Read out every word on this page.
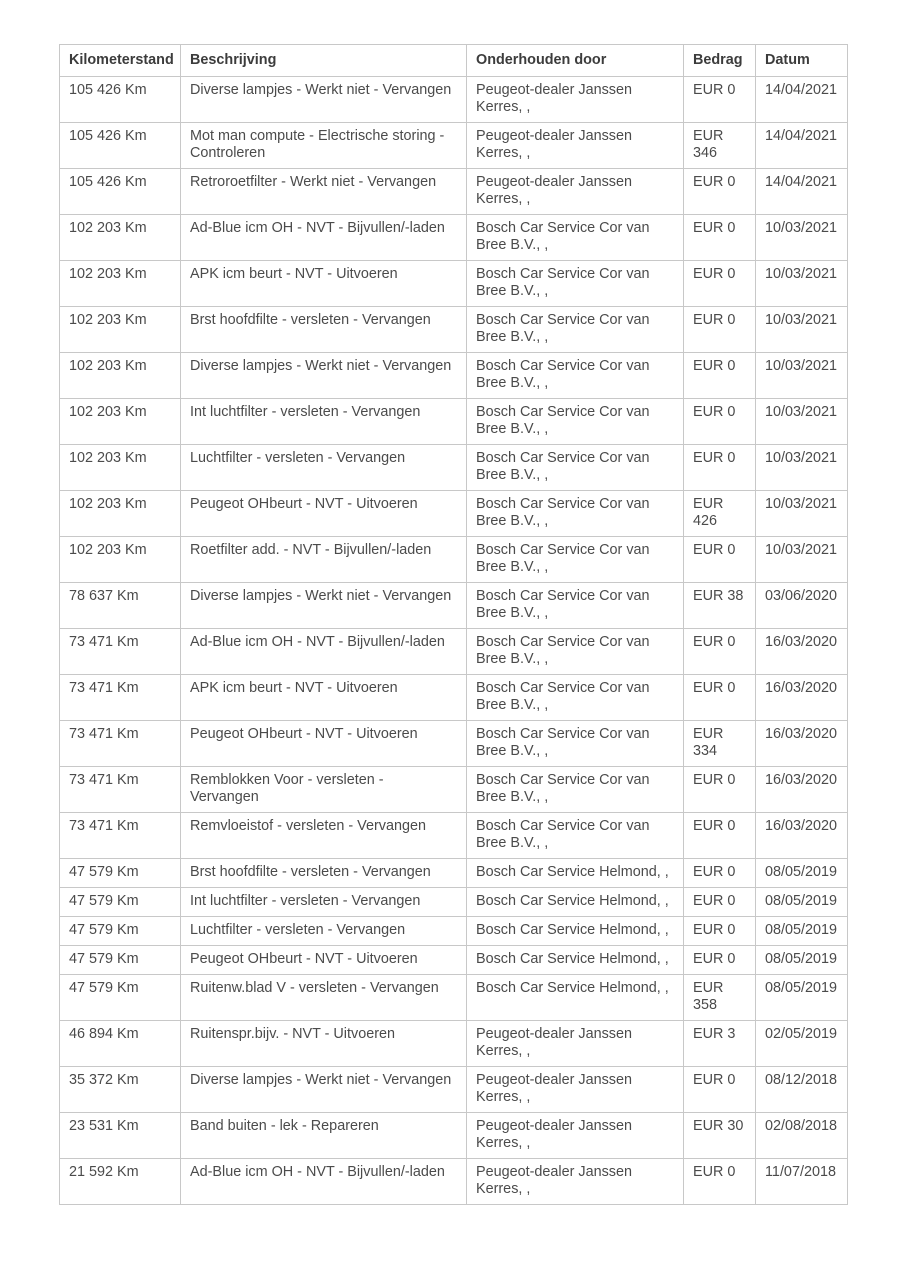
Kilometerstand	Beschrijving	Onderhouden door	Bedrag	Datum
105 426 Km	Diverse lampjes - Werkt niet - Vervangen	Peugeot-dealer Janssen Kerres, ,	EUR 0	14/04/2021
105 426 Km	Mot man compute - Electrische storing - Controleren	Peugeot-dealer Janssen Kerres, ,	EUR 346	14/04/2021
105 426 Km	Retroroetfilter - Werkt niet - Vervangen	Peugeot-dealer Janssen Kerres, ,	EUR 0	14/04/2021
102 203 Km	Ad-Blue icm OH - NVT - Bijvullen/-laden	Bosch Car Service Cor van Bree B.V., ,	EUR 0	10/03/2021
102 203 Km	APK icm beurt - NVT - Uitvoeren	Bosch Car Service Cor van Bree B.V., ,	EUR 0	10/03/2021
102 203 Km	Brst hoofdfilte - versleten - Vervangen	Bosch Car Service Cor van Bree B.V., ,	EUR 0	10/03/2021
102 203 Km	Diverse lampjes - Werkt niet - Vervangen	Bosch Car Service Cor van Bree B.V., ,	EUR 0	10/03/2021
102 203 Km	Int luchtfilter - versleten - Vervangen	Bosch Car Service Cor van Bree B.V., ,	EUR 0	10/03/2021
102 203 Km	Luchtfilter - versleten - Vervangen	Bosch Car Service Cor van Bree B.V., ,	EUR 0	10/03/2021
102 203 Km	Peugeot OHbeurt - NVT - Uitvoeren	Bosch Car Service Cor van Bree B.V., ,	EUR 426	10/03/2021
102 203 Km	Roetfilter add. - NVT - Bijvullen/-laden	Bosch Car Service Cor van Bree B.V., ,	EUR 0	10/03/2021
78 637 Km	Diverse lampjes - Werkt niet - Vervangen	Bosch Car Service Cor van Bree B.V., ,	EUR 38	03/06/2020
73 471 Km	Ad-Blue icm OH - NVT - Bijvullen/-laden	Bosch Car Service Cor van Bree B.V., ,	EUR 0	16/03/2020
73 471 Km	APK icm beurt - NVT - Uitvoeren	Bosch Car Service Cor van Bree B.V., ,	EUR 0	16/03/2020
73 471 Km	Peugeot OHbeurt - NVT - Uitvoeren	Bosch Car Service Cor van Bree B.V., ,	EUR 334	16/03/2020
73 471 Km	Remblokken Voor - versleten - Vervangen	Bosch Car Service Cor van Bree B.V., ,	EUR 0	16/03/2020
73 471 Km	Remvloeistof - versleten - Vervangen	Bosch Car Service Cor van Bree B.V., ,	EUR 0	16/03/2020
47 579 Km	Brst hoofdfilte - versleten - Vervangen	Bosch Car Service Helmond, ,	EUR 0	08/05/2019
47 579 Km	Int luchtfilter - versleten - Vervangen	Bosch Car Service Helmond, ,	EUR 0	08/05/2019
47 579 Km	Luchtfilter - versleten - Vervangen	Bosch Car Service Helmond, ,	EUR 0	08/05/2019
47 579 Km	Peugeot OHbeurt - NVT - Uitvoeren	Bosch Car Service Helmond, ,	EUR 0	08/05/2019
47 579 Km	Ruitenw.blad V - versleten - Vervangen	Bosch Car Service Helmond, ,	EUR 358	08/05/2019
46 894 Km	Ruitenspr.bijv. - NVT - Uitvoeren	Peugeot-dealer Janssen Kerres, ,	EUR 3	02/05/2019
35 372 Km	Diverse lampjes - Werkt niet - Vervangen	Peugeot-dealer Janssen Kerres, ,	EUR 0	08/12/2018
23 531 Km	Band buiten - lek - Repareren	Peugeot-dealer Janssen Kerres, ,	EUR 30	02/08/2018
21 592 Km	Ad-Blue icm OH - NVT - Bijvullen/-laden	Peugeot-dealer Janssen Kerres, ,	EUR 0	11/07/2018
